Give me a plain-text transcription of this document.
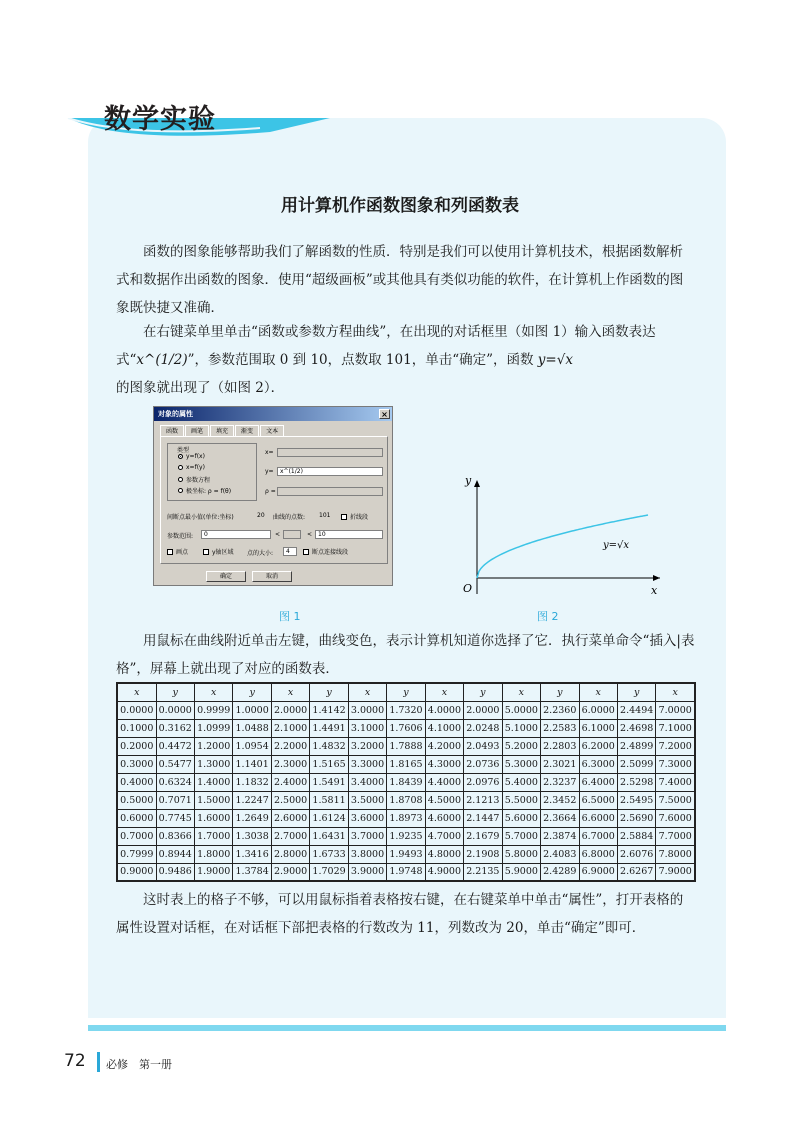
数学实验
用计算机作函数图象和列函数表

函数的图象能够帮助我们了解函数的性质．特别是我们可以使用计算机技术，根据函数解析式和数据作出函数的图象．使用“超级画板”或其他具有类似功能的软件，在计算机上作函数的图象既快捷又准确．

在右键菜单里单击“函数或参数方程曲线”，在出现的对话框里（如图 1）输入函数表达式“x^(1/2)”，参数范围取 0 到 10，点数取 101，单击“确定”，函数 y=√x

的图象就出现了（如图 2）．

对象的属性	×
函数	画笔	填充	渐变	文本
类型
y=f(x)
x=f(y)
参数方程
极坐标: ρ = f(θ)
x=
y=	x^(1/2)
ρ =
间断点最小值(单位:坐标)	20 曲线的点数: 101	折线段
参数范围:	0	<	< 10
画点	y轴区域 点的大小:	4	断点连接线段
确定	取消
y
x
O
y=√x
图 1	图 2

用鼠标在曲线附近单击左键，曲线变色，表示计算机知道你选择了它．执行菜单命令“插入|表格”，屏幕上就出现了对应的函数表．

x	y	x	y	x	y	x	y	x	y	x	y	x	y	x
0.0000	0.0000	0.9999	1.0000	2.0000	1.4142	3.0000	1.7320	4.0000	2.0000	5.0000	2.2360	6.0000	2.4494	7.0000
0.1000	0.3162	1.0999	1.0488	2.1000	1.4491	3.1000	1.7606	4.1000	2.0248	5.1000	2.2583	6.1000	2.4698	7.1000
0.2000	0.4472	1.2000	1.0954	2.2000	1.4832	3.2000	1.7888	4.2000	2.0493	5.2000	2.2803	6.2000	2.4899	7.2000
0.3000	0.5477	1.3000	1.1401	2.3000	1.5165	3.3000	1.8165	4.3000	2.0736	5.3000	2.3021	6.3000	2.5099	7.3000
0.4000	0.6324	1.4000	1.1832	2.4000	1.5491	3.4000	1.8439	4.4000	2.0976	5.4000	2.3237	6.4000	2.5298	7.4000
0.5000	0.7071	1.5000	1.2247	2.5000	1.5811	3.5000	1.8708	4.5000	2.1213	5.5000	2.3452	6.5000	2.5495	7.5000
0.6000	0.7745	1.6000	1.2649	2.6000	1.6124	3.6000	1.8973	4.6000	2.1447	5.6000	2.3664	6.6000	2.5690	7.6000
0.7000	0.8366	1.7000	1.3038	2.7000	1.6431	3.7000	1.9235	4.7000	2.1679	5.7000	2.3874	6.7000	2.5884	7.7000
0.7999	0.8944	1.8000	1.3416	2.8000	1.6733	3.8000	1.9493	4.8000	2.1908	5.8000	2.4083	6.8000	2.6076	7.8000
0.9000	0.9486	1.9000	1.3784	2.9000	1.7029	3.9000	1.9748	4.9000	2.2135	5.9000	2.4289	6.9000	2.6267	7.9000

这时表上的格子不够，可以用鼠标指着表格按右键，在右键菜单中单击“属性”，打开表格的属性设置对话框，在对话框下部把表格的行数改为 11，列数改为 20，单击“确定”即可．

72 必修　第一册
